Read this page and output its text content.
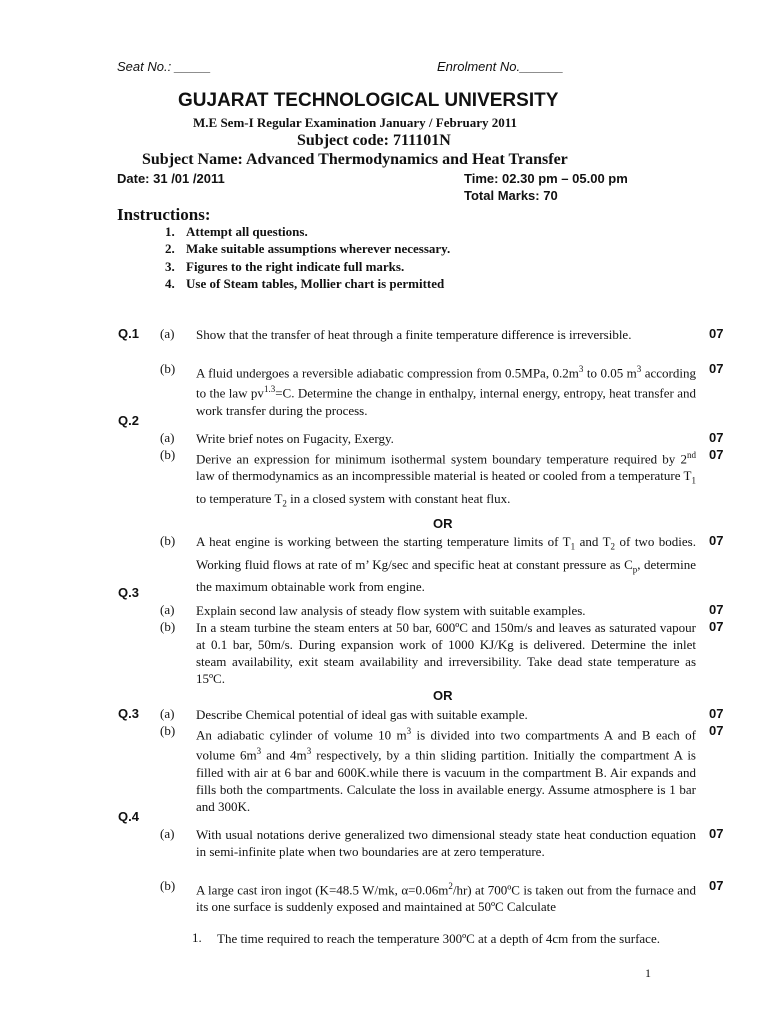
Seat No.: _____	Enrolment No.______
GUJARAT TECHNOLOGICAL UNIVERSITY
M.E Sem-I Regular Examination January / February 2011
Subject code: 711101N
Subject Name: Advanced Thermodynamics and Heat Transfer
Date: 31 /01 /2011	Time: 02.30 pm – 05.00 pm
Total Marks: 70
Instructions:
1. Attempt all questions.
2. Make suitable assumptions wherever necessary.
3. Figures to the right indicate full marks.
4. Use of Steam tables, Mollier chart is permitted
Q.1 (a) Show that the transfer of heat through a finite temperature difference is irreversible.	07
(b) A fluid undergoes a reversible adiabatic compression from 0.5MPa, $0.2m^3$ to 0.05 $m^3$ according to the law $pv^{1.3}=C$. Determine the change in enthalpy, internal energy, entropy, heat transfer and work transfer during the process.
07
Q.2
(a) Write brief notes on Fugacity, Exergy.	07
(b) Derive an expression for minimum isothermal system boundary temperature required by 2nd law of thermodynamics as an incompressible material is heated or cooled from a temperature $T_1$ to temperature $T_2$ in a closed system with constant heat flux.
07
OR
(b) A heat engine is working between the starting temperature limits of $T_1$ and $T_2$ of two bodies. Working fluid flows at rate of m’ Kg/sec and specific heat at constant pressure as $C_p$, determine the maximum obtainable work from engine.
07
Q.3
(a) Explain second law analysis of steady flow system with suitable examples.	07
(b) In a steam turbine the steam enters at 50 bar, 600ºC and 150m/s and leaves as saturated vapour at 0.1 bar, 50m/s. During expansion work of 1000 KJ/Kg is delivered. Determine the inlet steam availability, exit steam availability and irreversibility. Take dead state temperature as 15ºC.
07
OR
Q.3 (a) Describe Chemical potential of ideal gas with suitable example.	07
(b) An adiabatic cylinder of volume 10 $m^3$ is divided into two compartments A and B each of volume $6m^3$ and $4m^3$ respectively, by a thin sliding partition. Initially the compartment A is filled with air at 6 bar and 600K.while there is vacuum in the compartment B. Air expands and fills both the compartments. Calculate the loss in available energy. Assume atmosphere is 1 bar and 300K.
07
Q.4
(a) With usual notations derive generalized two dimensional steady state heat conduction equation in semi-infinite plate when two boundaries are at zero temperature.
07
(b) A large cast iron ingot (K=48.5 W/mk, $\alpha=0.06m^2/hr$) at 700ºC is taken out from the furnace and its one surface is suddenly exposed and maintained at 50ºC Calculate
07
1. The time required to reach the temperature 300ºC at a depth of 4cm from the surface.
1
